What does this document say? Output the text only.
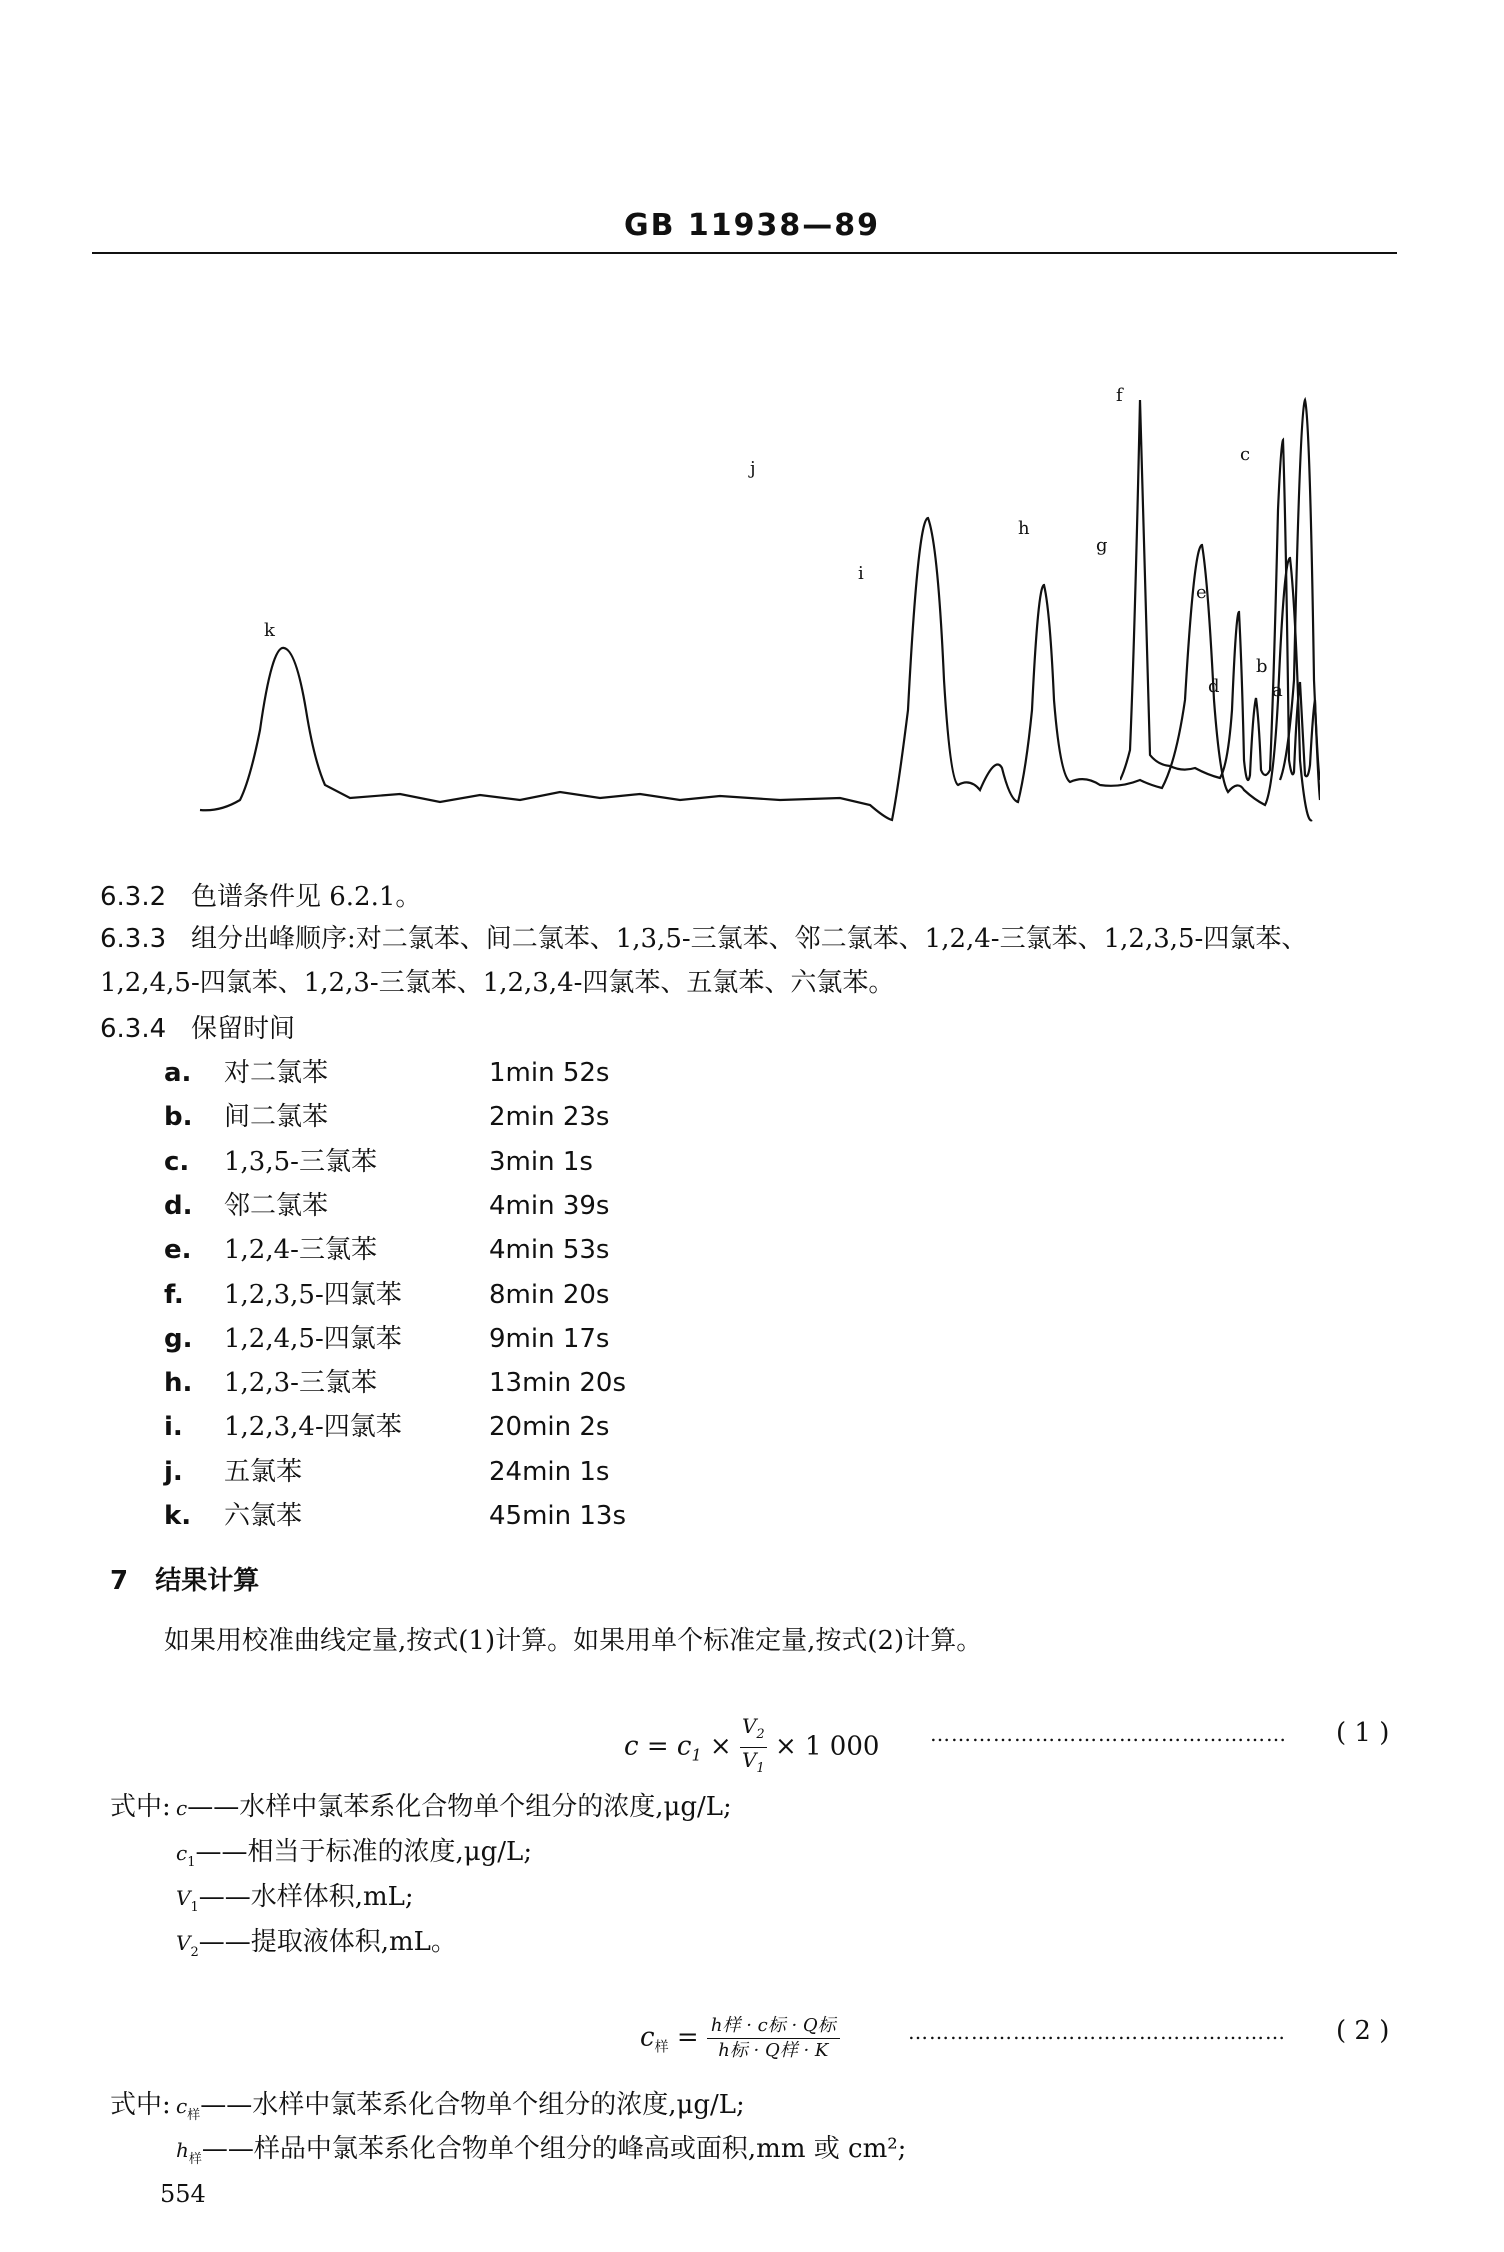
GB 11938—89
k
j
i
h
g
f
e
d
c
b
a
6.3.2 色谱条件见 6.2.1。
6.3.3 组分出峰顺序:对二氯苯、间二氯苯、1,3,5-三氯苯、邻二氯苯、1,2,4-三氯苯、1,2,3,5-四氯苯、
1,2,4,5-四氯苯、1,2,3-三氯苯、1,2,3,4-四氯苯、五氯苯、六氯苯。
6.3.4 保留时间
a. 对二氯苯	1min 52s
b. 间二氯苯	2min 23s
c. 1,3,5-三氯苯	3min 1s
d. 邻二氯苯	4min 39s
e. 1,2,4-三氯苯	4min 53s
f. 1,2,3,5-四氯苯	8min 20s
g. 1,2,4,5-四氯苯	9min 17s
h. 1,2,3-三氯苯	13min 20s
i. 1,2,3,4-四氯苯	20min 2s
j. 五氯苯	24min 1s
k. 六氯苯	45min 13s
7 结果计算
如果用校准曲线定量,按式(1)计算。如果用单个标准定量,按式(2)计算。
$c = c_1 \times \frac{V_2}{V_1} \times 1$ 000	…………………………………………… ( 1 )
式中: c——水样中氯苯系化合物单个组分的浓度,μg/L;
$c_1——$相当于标准的浓度,μg/L;
$V_1——$水样体积,mL;
$V_2——$提取液体积,mL。
$c_样 = h$样 · c标 · Q标
h标 · Q样 · K
……………………………………………… ( 2 )
式中: $c_样——$水样中氯苯系化合物单个组分的浓度,μg/L;
$h_样——$样品中氯苯系化合物单个组分的峰高或面积,mm 或 cm²;
554
